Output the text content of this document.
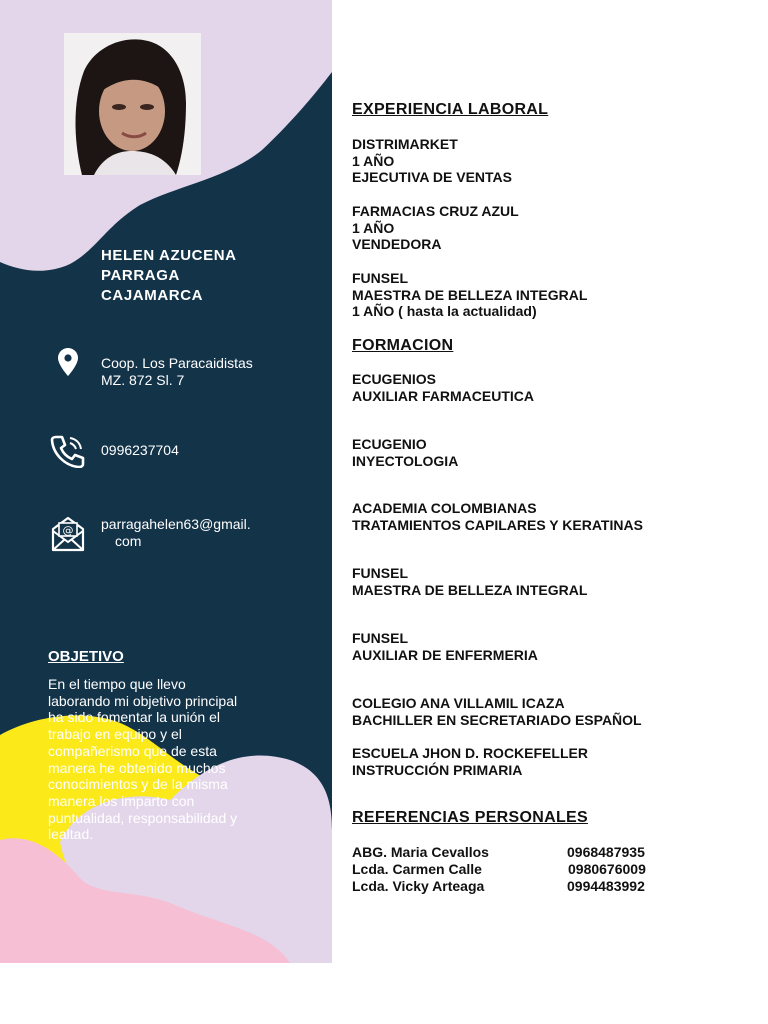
HELEN AZUCENA
PARRAGA
CAJAMARCA
Coop. Los Paracaidistas
MZ. 872 Sl. 7
0996237704
@ parragahelen63@gmail.
com
OBJETIVO
En el tiempo que llevo
laborando mi objetivo principal
ha sido fomentar la unión el
trabajo en equipo y el
compañerismo que de esta
manera he obtenido muchos
conocimientos y de la misma
manera los imparto con
puntualidad, responsabilidad y
lealtad.
EXPERIENCIA LABORAL
DISTRIMARKET
1 AÑO
EJECUTIVA DE VENTAS
FARMACIAS CRUZ AZUL
1 AÑO
VENDEDORA
FUNSEL
MAESTRA DE BELLEZA INTEGRAL
1 AÑO ( hasta la actualidad)
FORMACION
ECUGENIOS
AUXILIAR FARMACEUTICA
ECUGENIO
INYECTOLOGIA
ACADEMIA COLOMBIANAS
TRATAMIENTOS CAPILARES Y KERATINAS
FUNSEL
MAESTRA DE BELLEZA INTEGRAL
FUNSEL
AUXILIAR DE ENFERMERIA
COLEGIO ANA VILLAMIL ICAZA
BACHILLER EN SECRETARIADO ESPAÑOL
ESCUELA JHON D. ROCKEFELLER
INSTRUCCIÓN PRIMARIA
REFERENCIAS PERSONALES
ABG. Maria Cevallos	0968487935
Lcda. Carmen Calle	0980676009
Lcda. Vicky Arteaga	0994483992
